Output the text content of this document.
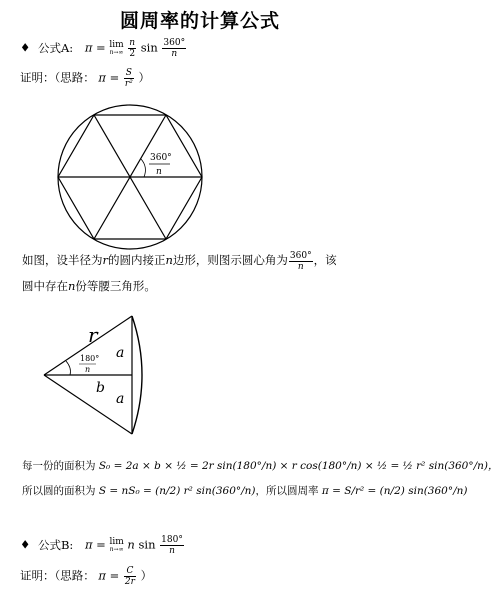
圆周率的计算公式
♦ 公式A: π = lim
n→∞
$\frac{n}{2}$ $\sin \frac{360^\circ}{n}$
证明：（思路： $\pi = \frac{S}{\text{r²}}$ ）
360°
n
如图，设半径为r的圆内接正n边形，则图示圆心角为 $\frac{360^\circ}{n}$ ，该
圆中存在n份等腰三角形。
r
a
b
a
180°
n
每一份的面积为 S₀ = 2a × b × ½ = 2r sin(180°/n) × r cos(180°/n) × ½ = ½ r² sin(360°/n)，
所以圆的面积为 S = nS₀ = (n/2) r² sin(360°/n)，所以圆周率 π = S/r² = (n/2) sin(360°/n)
♦ 公式B: π = lim
n→∞ n $\sin \frac{180^\circ}{n}$
证明：（思路： $\pi = \frac{C}{2r}$ ）
